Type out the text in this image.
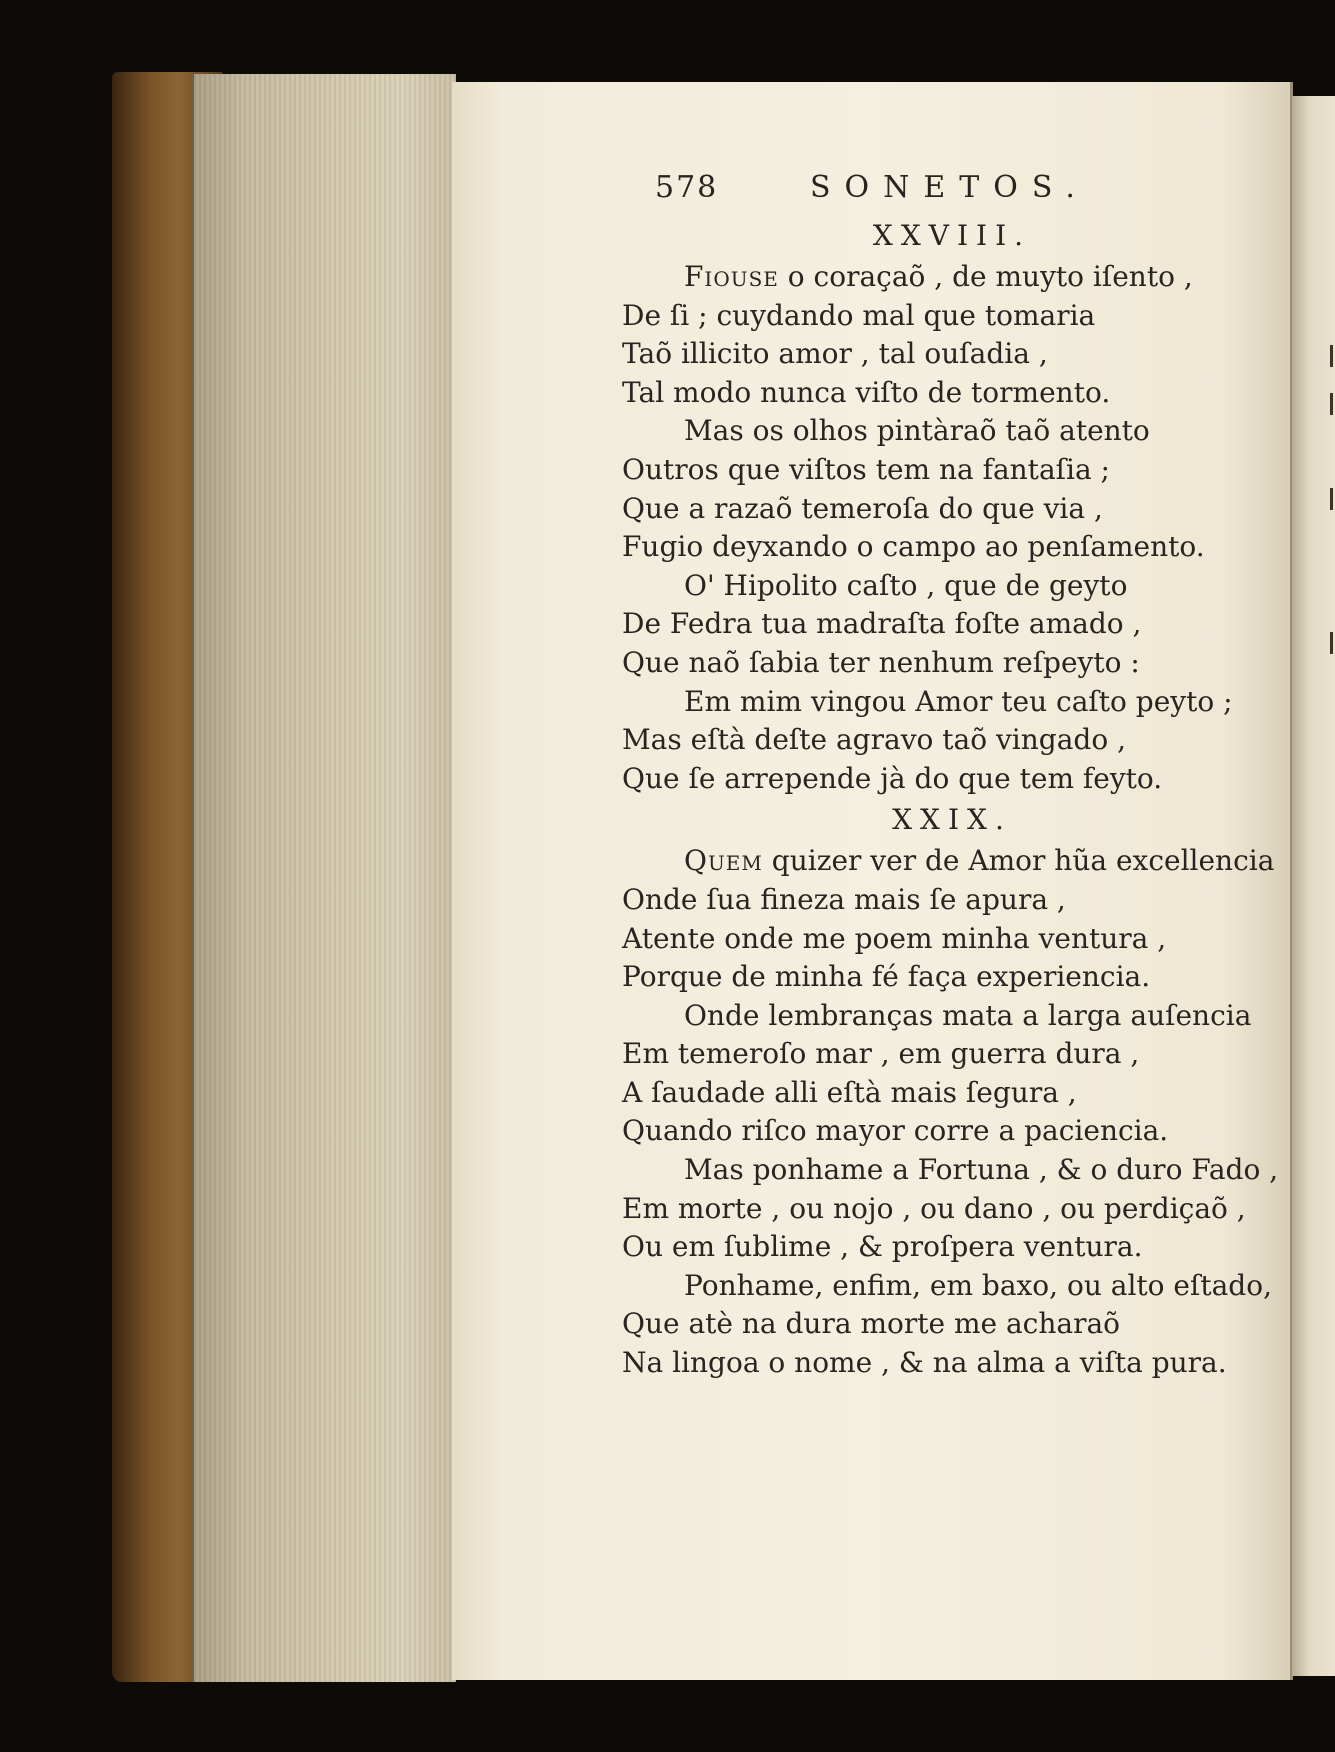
578	SONETOS.
XXVIII.
Fiouse o coraçaõ , de muyto iſento ,
De ſi ; cuydando mal que tomaria
Taõ illicito amor , tal ouſadia ,
Tal modo nunca viſto de tormento.
Mas os olhos pintàraõ taõ atento
Outros que viſtos tem na fantaſia ;
Que a razaõ temeroſa do que via ,
Fugio deyxando o campo ao penſamento.
O' Hipolito caſto , que de geyto
De Fedra tua madraſta foſte amado ,
Que naõ ſabia ter nenhum reſpeyto :
Em mim vingou Amor teu caſto peyto ;
Mas eſtà deſte agravo taõ vingado ,
Que ſe arrepende jà do que tem feyto.
XXIX.
Quem quizer ver de Amor hũa excellencia
Onde ſua fineza mais ſe apura ,
Atente onde me poem minha ventura ,
Porque de minha fé faça experiencia.
Onde lembranças mata a larga auſencia
Em temeroſo mar , em guerra dura ,
A ſaudade alli eſtà mais ſegura ,
Quando riſco mayor corre a paciencia.
Mas ponhame a Fortuna , & o duro Fado ,
Em morte , ou nojo , ou dano , ou perdiçaõ ,
Ou em ſublime , & proſpera ventura.
Ponhame, enfim, em baxo, ou alto eſtado,
Que atè na dura morte me acharaõ
Na lingoa o nome , & na alma a viſta pura.
